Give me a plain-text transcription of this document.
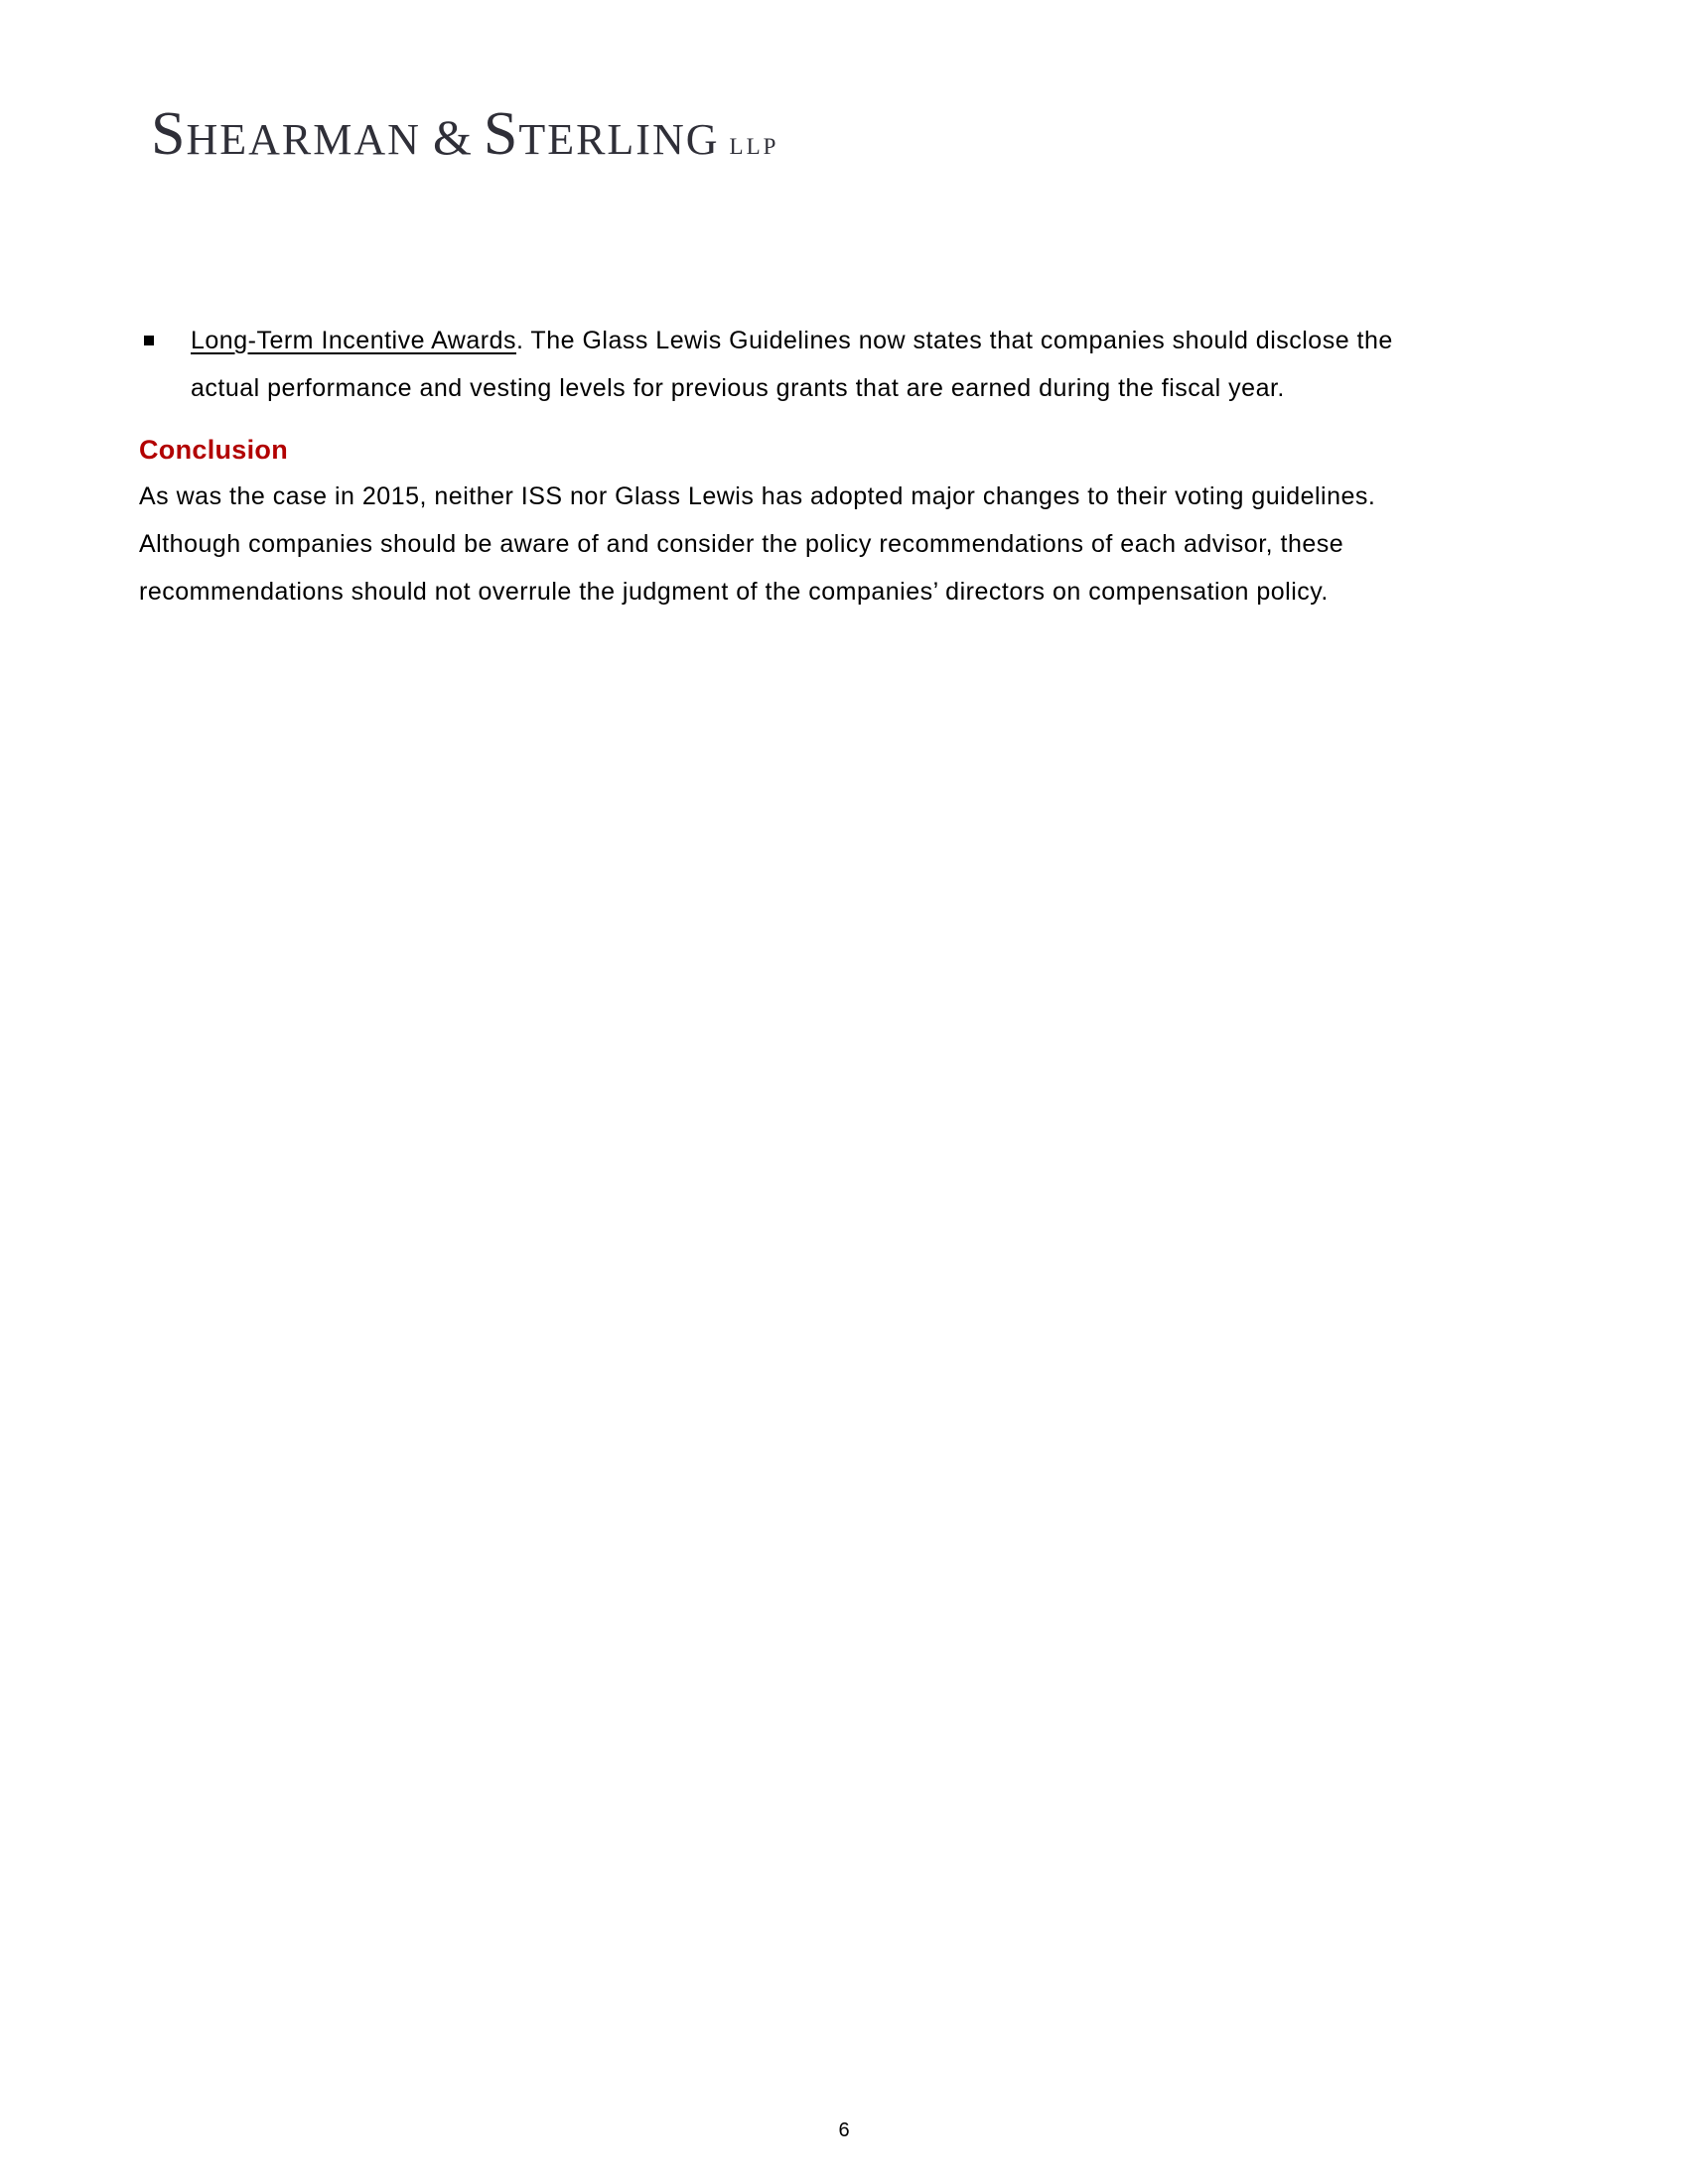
S HEARMAN & S TERLING LLP
Long-Term Incentive Awards. The Glass Lewis Guidelines now states that companies should disclose the
actual performance and vesting levels for previous grants that are earned during the fiscal year.
Conclusion
As was the case in 2015, neither ISS nor Glass Lewis has adopted major changes to their voting guidelines.
Although companies should be aware of and consider the policy recommendations of each advisor, these
recommendations should not overrule the judgment of the companies’ directors on compensation policy.
6
